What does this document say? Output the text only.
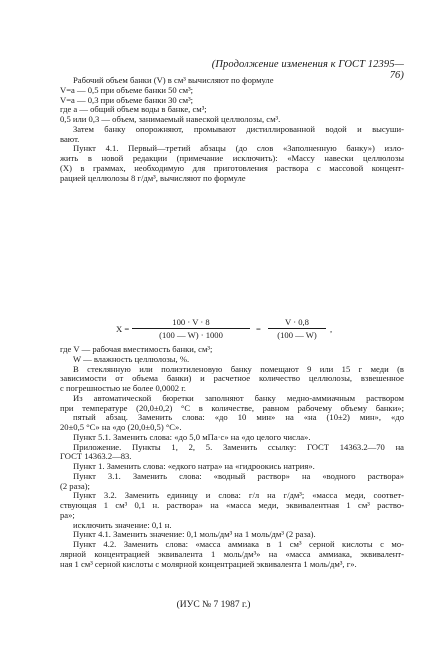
(Продолжение изменения к ГОСТ 12395—76)
Рабочий объем банки (V) в см³ вычисляют по формуле
V=a — 0,5 при объеме банки 50 см³;
V=a — 0,3 при объеме банки 30 см³;
где a — общий объем воды в банке, см³;
0,5 или 0,3 — объем, занимаемый навеской целлюлозы, см³.
Затем банку опорожняют, промывают дистиллированной водой и высуши-
вают.
Пункт 4.1. Первый—третий абзацы (до слов «Заполненную банку») изло-
жить в новой редакции (примечание исключить): «Массу навески целлюлозы
(X) в граммах, необходимую для приготовления раствора с массовой концент-
рацией целлюлозы 8 г/дм³, вычисляют по формуле
$X = \frac{100 \cdot V \cdot 8}{(100 — W) \cdot 1000} = \frac{V \cdot 0,8}{(100 — W)}$ ,
где V — рабочая вместимость банки, см³;
W — влажность целлюлозы, %.
В стеклянную или полиэтиленовую банку помещают 9 или 15 г меди (в
зависимости от объема банки) и расчетное количество целлюлозы, взвешенное
с погрешностью не более 0,0002 г.
Из автоматической бюретки заполняют банку медно-аммиачным раствором
при температуре (20,0±0,2) °C в количестве, равном рабочему объему банки»;
пятый абзац. Заменить слова: «до 10 мин» на «на (10±2) мин», «до
20±0,5 °C» на «до (20,0±0,5) °C».
Пункт 5.1. Заменить слова: «до 5,0 мПа·с» на «до целого числа».
Приложение. Пункты 1, 2, 5. Заменить ссылку: ГОСТ 14363.2—70 на
ГОСТ 14363.2—83.
Пункт 1. Заменить слова: «едкого натра» на «гидроокись натрия».
Пункт 3.1. Заменить слова: «водный раствор» на «водного раствора»
(2 раза);
Пункт 3.2. Заменить единицу и слова: г/л на г/дм³; «масса меди, соответ-
ствующая 1 см³ 0,1 н. раствора» на «масса меди, эквивалентная 1 см³ раство-
ра»;
исключить значение: 0,1 н.
Пункт 4.1. Заменить значение: 0,1 моль/дм³ на 1 моль/дм³ (2 раза).
Пункт 4.2. Заменить слова: «масса аммиака в 1 см³ серной кислоты с мо-
лярной концентрацией эквивалента 1 моль/дм³» на «масса аммиака, эквивалент-
ная 1 см³ серной кислоты с молярной концентрацией эквивалента 1 моль/дм³, г».
(ИУС № 7 1987 г.)
